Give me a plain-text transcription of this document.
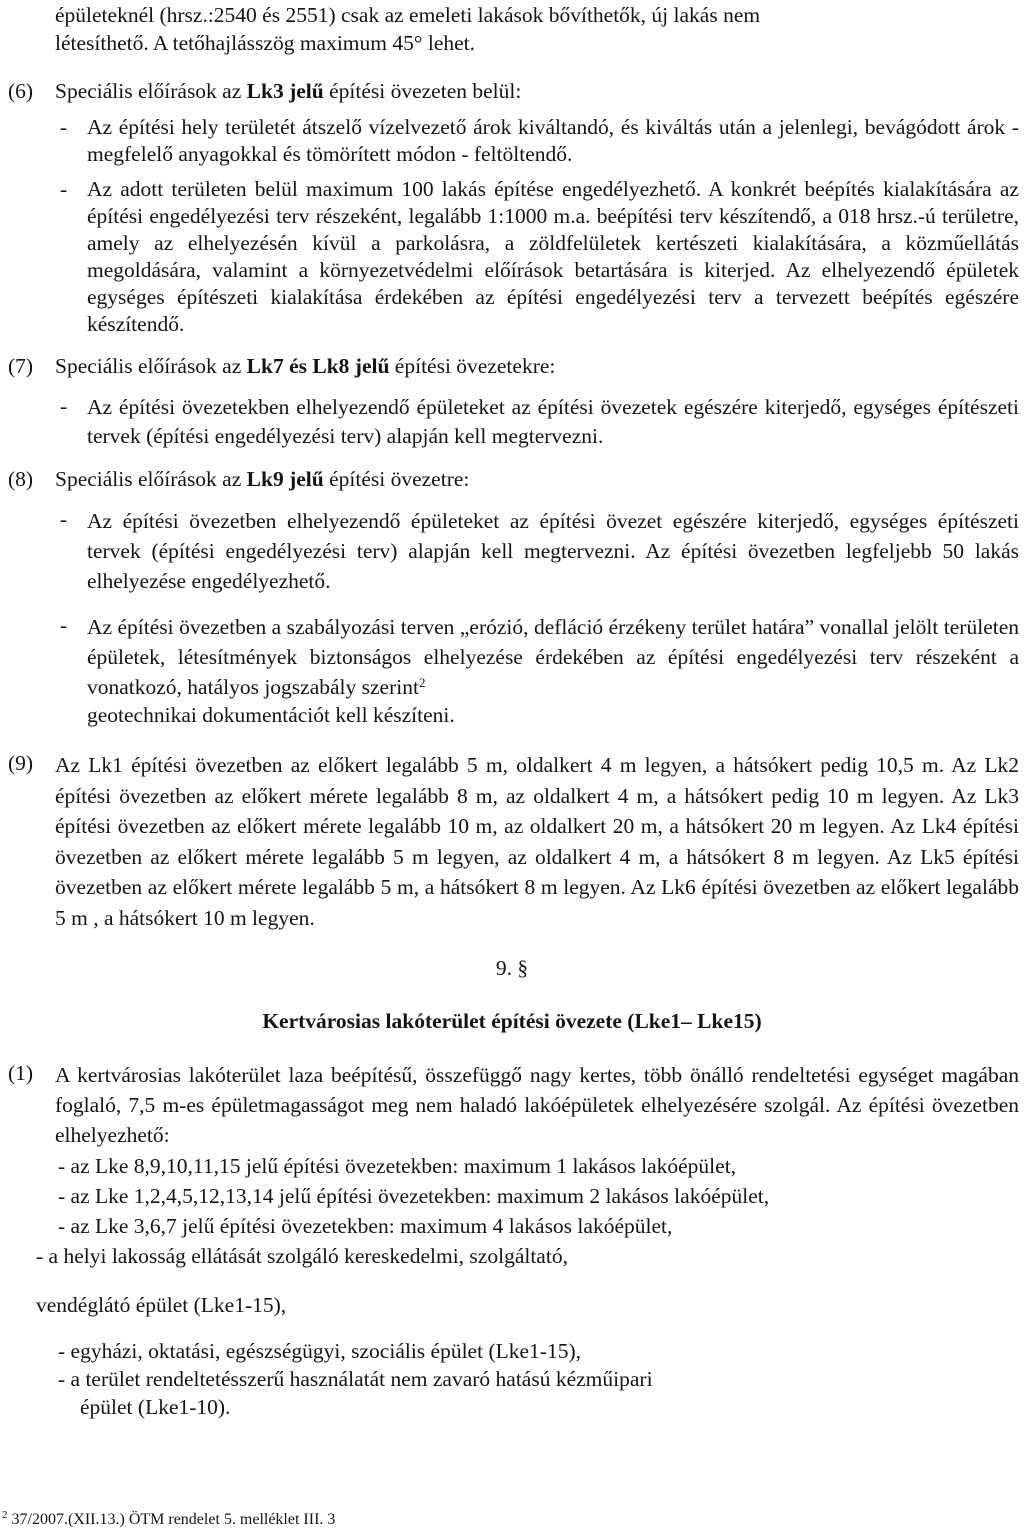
épületeknél (hrsz.:2540 és 2551) csak az emeleti lakások bővíthetők, új lakás nem
létesíthető. A tetőhajlásszög maximum 45° lehet.
(6) Speciális előírások az Lk3 jelű építési övezeten belül:
- Az építési hely területét átszelő vízelvezető árok kiváltandó, és kiváltás után a jelenlegi, bevágódott árok - megfelelő anyagokkal és tömörített módon - feltöltendő.
- Az adott területen belül maximum 100 lakás építése engedélyezhető. A konkrét beépítés kialakítására az építési engedélyezési terv részeként, legalább 1:1000 m.a. beépítési terv készítendő, a 018 hrsz.-ú területre, amely az elhelyezésén kívül a parkolásra, a zöldfelületek kertészeti kialakítására, a közműellátás megoldására, valamint a környezetvédelmi előírások betartására is kiterjed. Az elhelyezendő épületek egységes építészeti kialakítása érdekében az építési engedélyezési terv a tervezett beépítés egészére készítendő.
(7) Speciális előírások az Lk7 és Lk8 jelű építési övezetekre:
- Az építési övezetekben elhelyezendő épületeket az építési övezetek egészére kiterjedő, egységes építészeti tervek (építési engedélyezési terv) alapján kell megtervezni.
(8) Speciális előírások az Lk9 jelű építési övezetre:
- Az építési övezetben elhelyezendő épületeket az építési övezet egészére kiterjedő, egységes építészeti tervek (építési engedélyezési terv) alapján kell megtervezni. Az építési övezetben legfeljebb 50 lakás elhelyezése engedélyezhető.
- Az építési övezetben a szabályozási terven „erózió, defláció érzékeny terület határa” vonallal jelölt területen épületek, létesítmények biztonságos elhelyezése érdekében az építési engedélyezési terv részeként a vonatkozó, hatályos jogszabály szerint$^2$
geotechnikai dokumentációt kell készíteni.
(9) Az Lk1 építési övezetben az előkert legalább 5 m, oldalkert 4 m legyen, a hátsókert pedig 10,5 m. Az Lk2 építési övezetben az előkert mérete legalább 8 m, az oldalkert 4 m, a hátsókert pedig 10 m legyen. Az Lk3 építési övezetben az előkert mérete legalább 10 m, az oldalkert 20 m, a hátsókert 20 m legyen. Az Lk4 építési övezetben az előkert mérete legalább 5 m legyen, az oldalkert 4 m, a hátsókert 8 m legyen. Az Lk5 építési övezetben az előkert mérete legalább 5 m, a hátsókert 8 m legyen. Az Lk6 építési övezetben az előkert legalább 5 m , a hátsókert 10 m legyen.
9. §
Kertvárosias lakóterület építési övezete (Lke1– Lke15)
(1) A kertvárosias lakóterület laza beépítésű, összefüggő nagy kertes, több önálló rendeltetési egységet magában foglaló, 7,5 m-es épületmagasságot meg nem haladó lakóépületek elhelyezésére szolgál. Az építési övezetben elhelyezhető:
- az Lke 8,9,10,11,15 jelű építési övezetekben: maximum 1 lakásos lakóépület,
- az Lke 1,2,4,5,12,13,14 jelű építési övezetekben: maximum 2 lakásos lakóépület,
- az Lke 3,6,7 jelű építési övezetekben: maximum 4 lakásos lakóépület,
- a helyi lakosság ellátását szolgáló kereskedelmi, szolgáltató,
vendéglátó épület (Lke1-15),
- egyházi, oktatási, egészségügyi, szociális épület (Lke1-15),
- a terület rendeltetésszerű használatát nem zavaró hatású kézműipari
épület (Lke1-10).
$^2$ 37/2007.(XII.13.) ÖTM rendelet 5. melléklet III. 3
